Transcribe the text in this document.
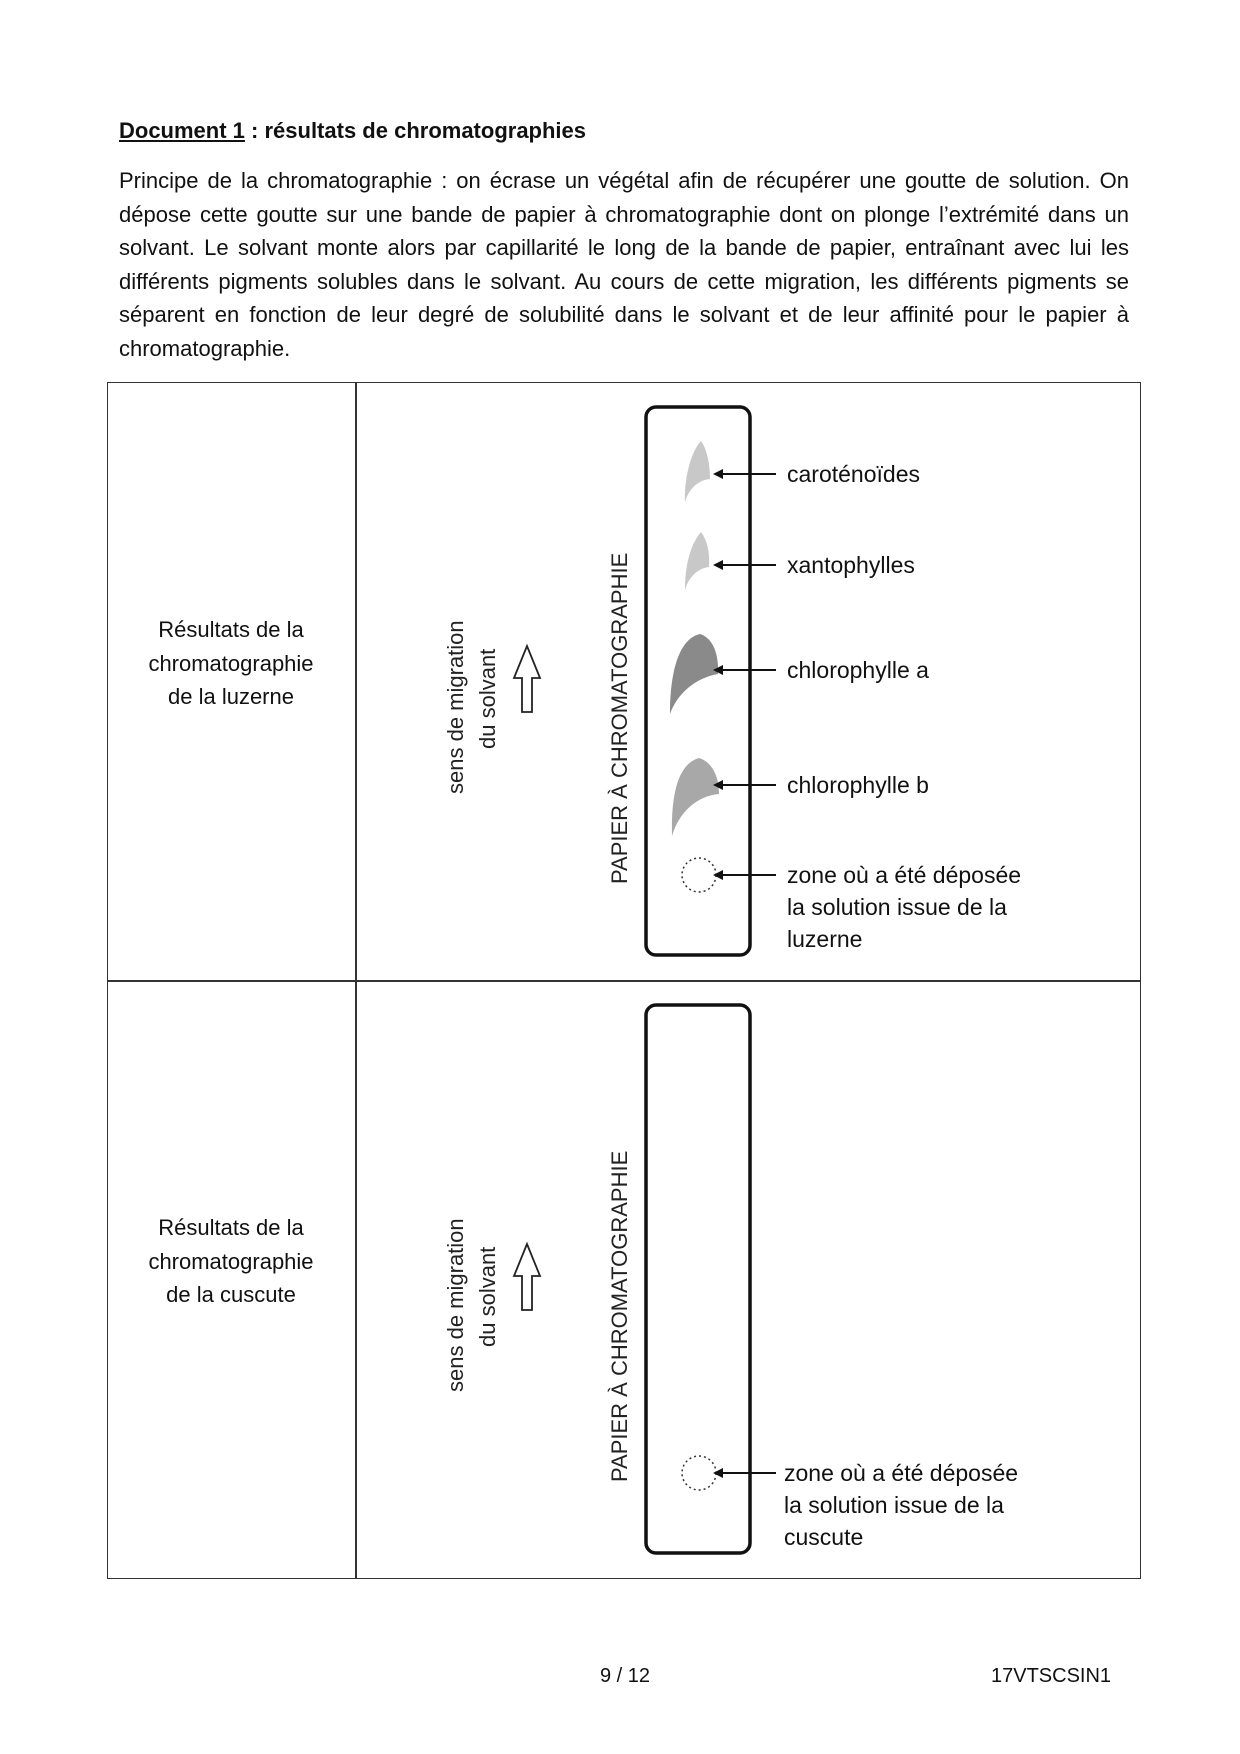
Document 1 : résultats de chromatographies
Principe de la chromatographie : on écrase un végétal afin de récupérer une goutte de solution. On dépose cette goutte sur une bande de papier à chromatographie dont on plonge l’extrémité dans un solvant. Le solvant monte alors par capillarité le long de la bande de papier, entraînant avec lui les différents pigments solubles dans le solvant. Au cours de cette migration, les différents pigments se séparent en fonction de leur degré de solubilité dans le solvant et de leur affinité pour le papier à chromatographie.
Résultats de la
chromatographie
de la luzerne	sens de migration du solvant	PAPIER À CHROMATOGRAPHIE
caroténoïdes
xantophylles
chlorophylle a
chlorophylle b
zone où a été déposée
la solution issue de la
luzerne
Résultats de la
chromatographie
de la cuscute	sens de migration du solvant	PAPIER À CHROMATOGRAPHIE	zone où a été déposée
la solution issue de la
cuscute
9 / 12	17VTSCSIN1
